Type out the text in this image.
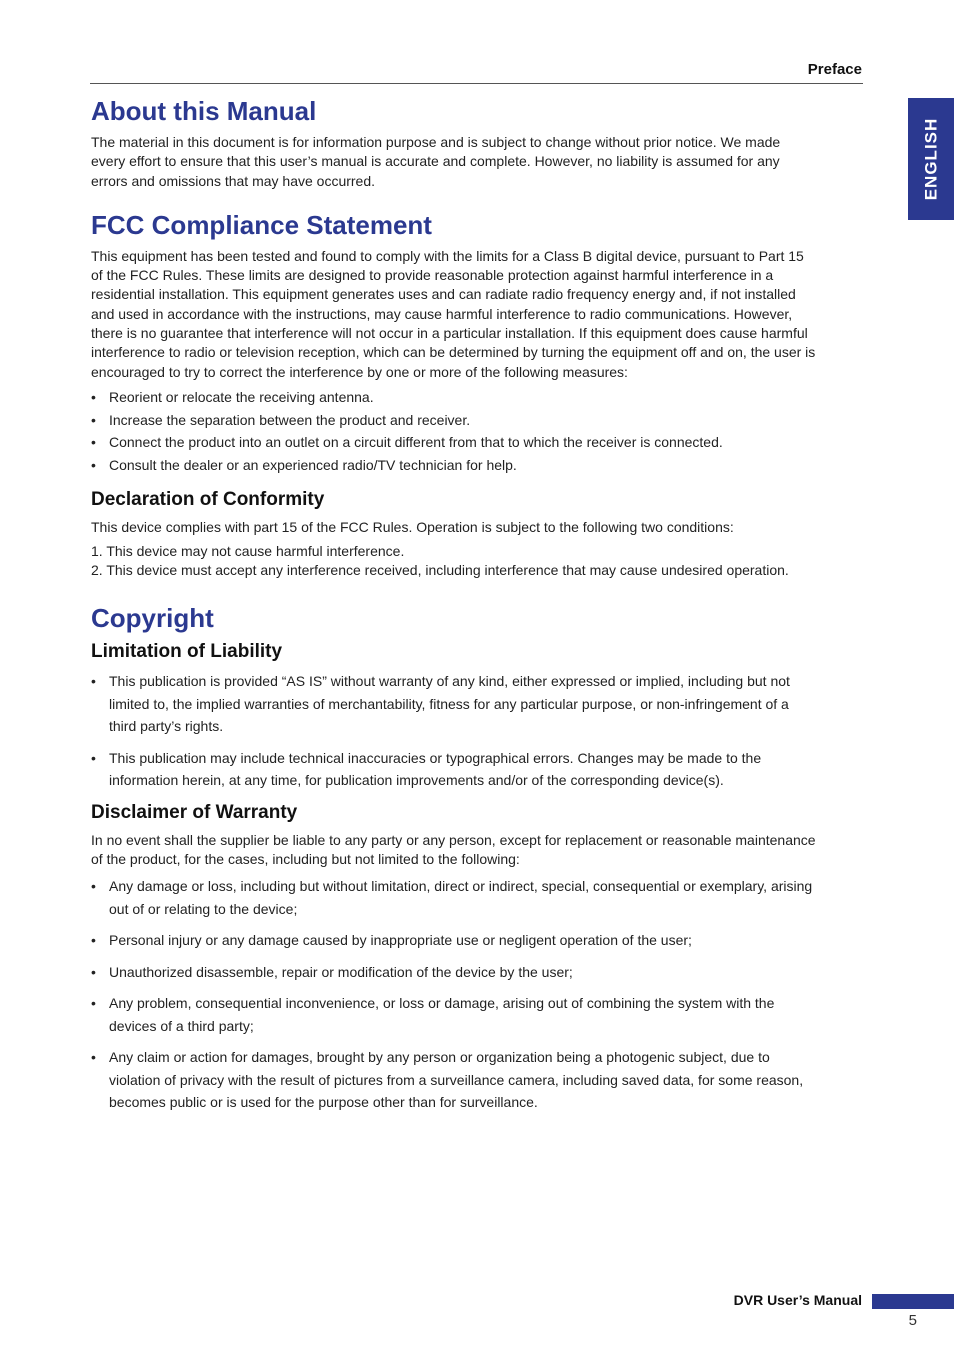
Preface
ENGLISH
About this Manual

The material in this document is for information purpose and is subject to change without prior notice. We made every effort to ensure that this user’s manual is accurate and complete. However, no liability is assumed for any errors and omissions that may have occurred.

FCC Compliance Statement

This equipment has been tested and found to comply with the limits for a Class B digital device, pursuant to Part 15 of the FCC Rules. These limits are designed to provide reasonable protection against harmful interference in a residential installation. This equipment generates uses and can radiate radio frequency energy and, if not installed and used in accordance with the instructions, may cause harmful interference to radio communications. However, there is no guarantee that interference will not occur in a particular installation. If this equipment does cause harmful interference to radio or television reception, which can be determined by turning the equipment off and on, the user is encouraged to try to correct the interference by one or more of the following measures:

• Reorient or relocate the receiving antenna.
• Increase the separation between the product and receiver.
• Connect the product into an outlet on a circuit different from that to which the receiver is connected.
• Consult the dealer or an experienced radio/TV technician for help.
Declaration of Conformity

This device complies with part 15 of the FCC Rules. Operation is subject to the following two conditions:

1. This device may not cause harmful interference.

2. This device must accept any interference received, including interference that may cause undesired operation.

Copyright
Limitation of Liability
• This publication is provided “AS IS” without warranty of any kind, either expressed or implied, including but not limited to, the implied warranties of merchantability, fitness for any particular purpose, or non-infringement of a third party’s rights.
• This publication may include technical inaccuracies or typographical errors. Changes may be made to the information herein, at any time, for publication improvements and/or of the corresponding device(s).
Disclaimer of Warranty

In no event shall the supplier be liable to any party or any person, except for replacement or reasonable maintenance of the product, for the cases, including but not limited to the following:

• Any damage or loss, including but without limitation, direct or indirect, special, consequential or exemplary, arising out of or relating to the device;
• Personal injury or any damage caused by inappropriate use or negligent operation of the user;
• Unauthorized disassemble, repair or modification of the device by the user;
• Any problem, consequential inconvenience, or loss or damage, arising out of combining the system with the devices of a third party;
• Any claim or action for damages, brought by any person or organization being a photogenic subject, due to violation of privacy with the result of pictures from a surveillance camera, including saved data, for some reason, becomes public or is used for the purpose other than for surveillance.
DVR User’s Manual
5
